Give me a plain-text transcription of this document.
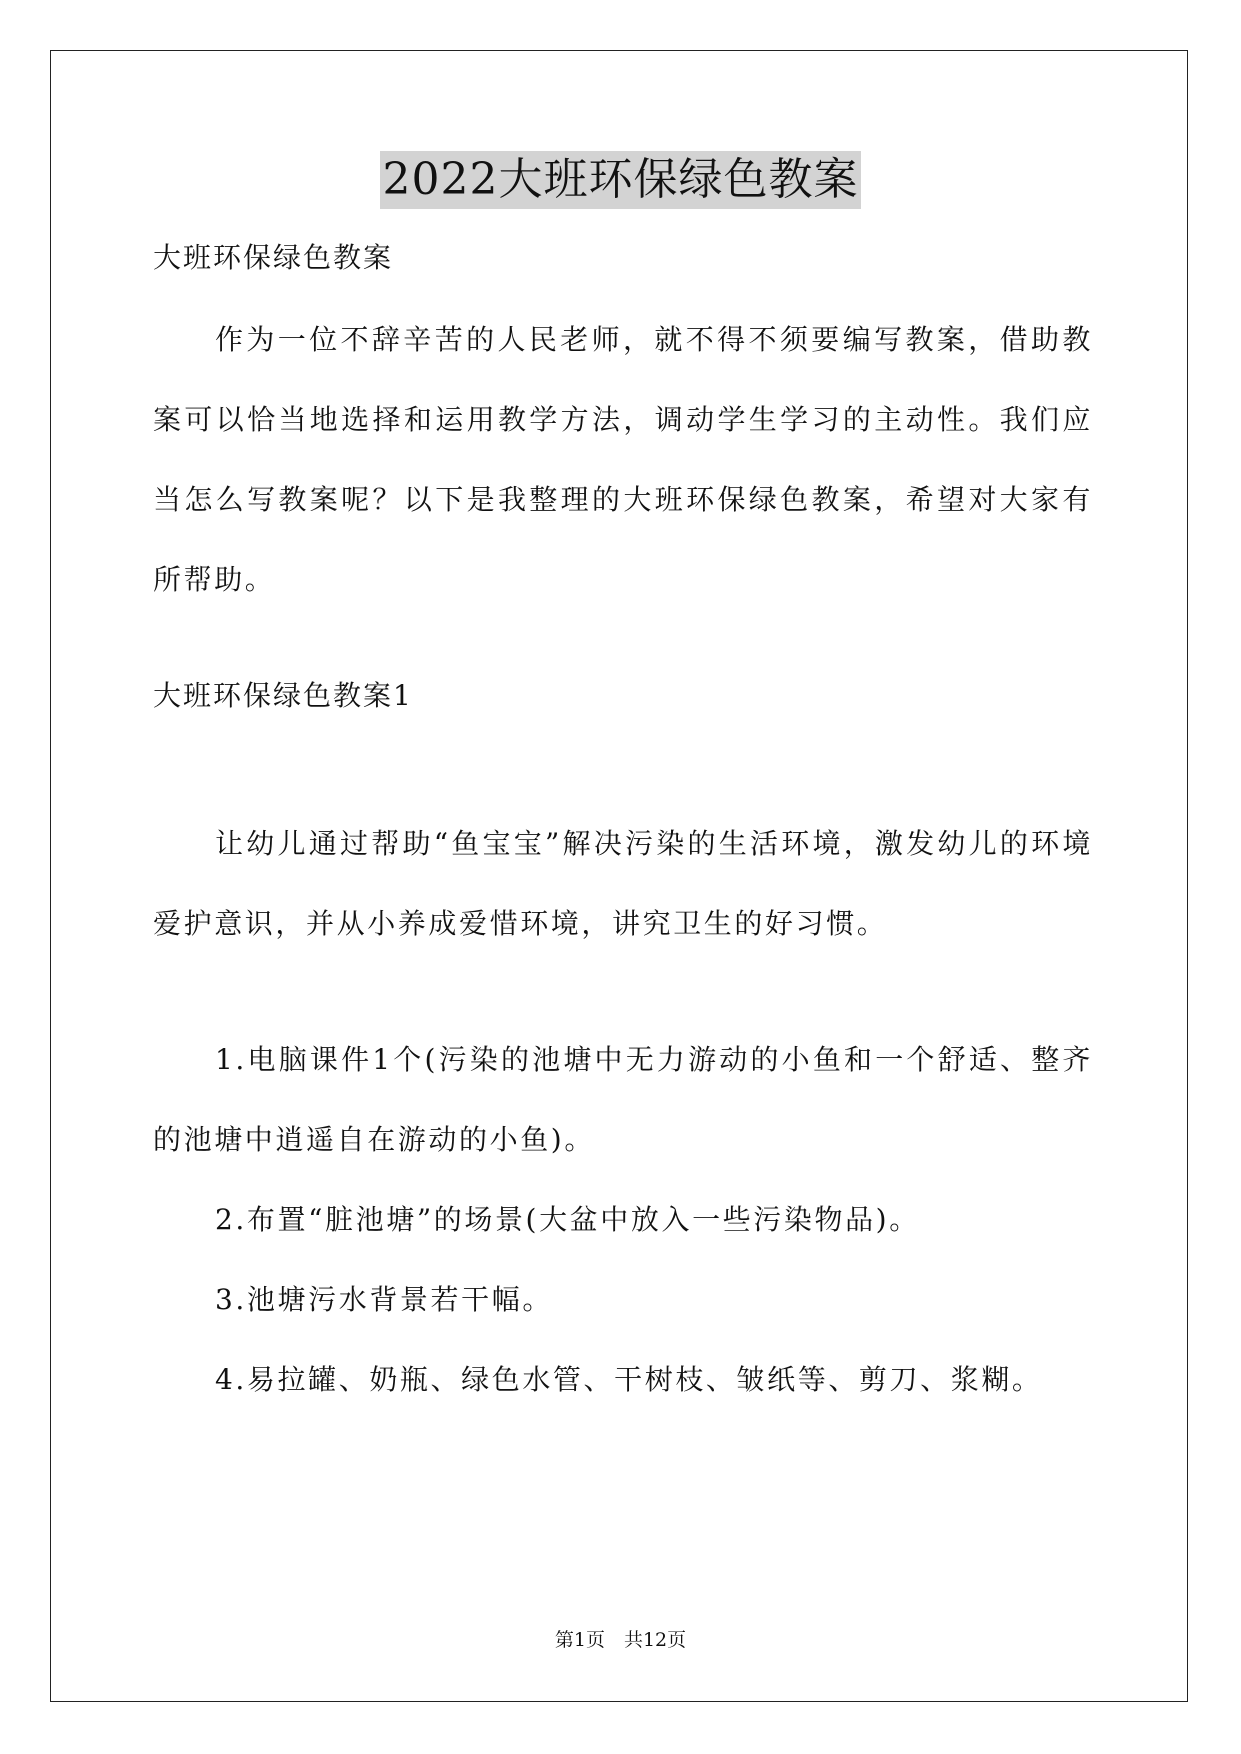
2022大班环保绿色教案
大班环保绿色教案

作为一位不辞辛苦的人民老师，就不得不须要编写教案，借助教案可以恰当地选择和运用教学方法，调动学生学习的主动性。我们应当怎么写教案呢？以下是我整理的大班环保绿色教案，希望对大家有所帮助。

大班环保绿色教案1

让幼儿通过帮助“鱼宝宝”解决污染的生活环境，激发幼儿的环境爱护意识，并从小养成爱惜环境，讲究卫生的好习惯。

1.电脑课件1个(污染的池塘中无力游动的小鱼和一个舒适、整齐的池塘中逍遥自在游动的小鱼)。

2.布置“脏池塘”的场景(大盆中放入一些污染物品)。

3.池塘污水背景若干幅。

4.易拉罐、奶瓶、绿色水管、干树枝、皱纸等、剪刀、浆糊。

第1页　共12页
